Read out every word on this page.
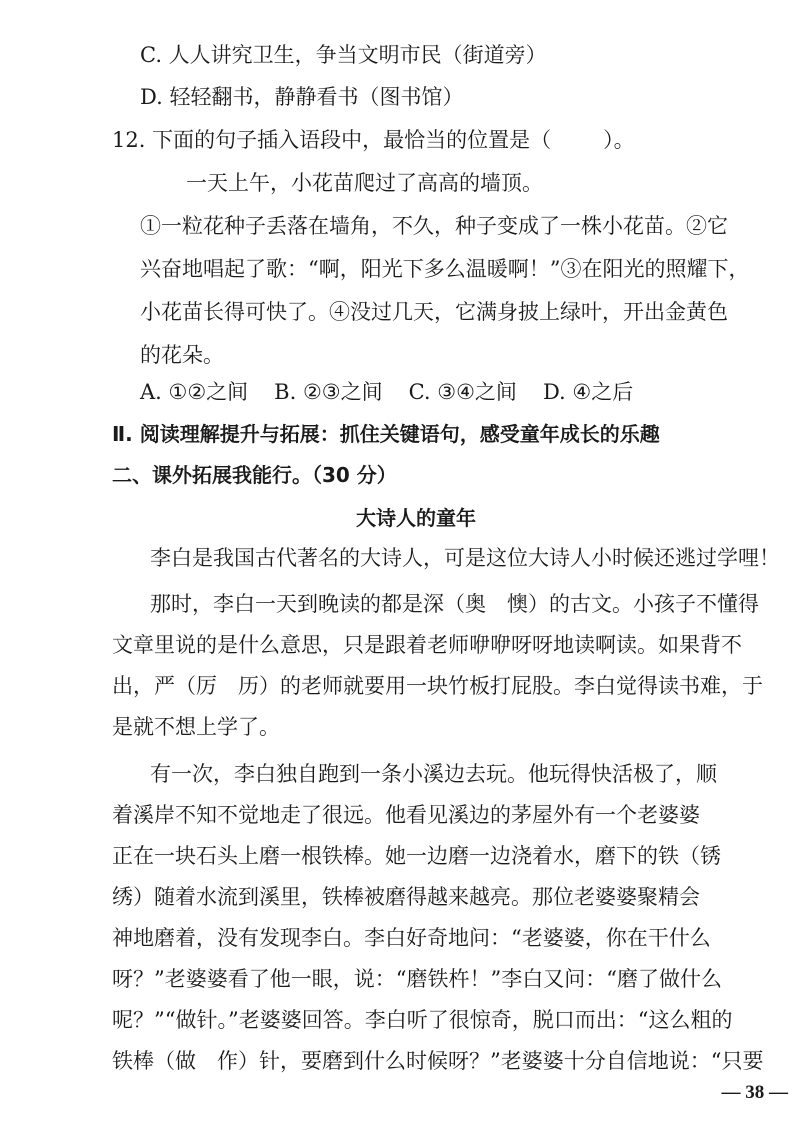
C. 人人讲究卫生，争当文明市民（街道旁）
D. 轻轻翻书，静静看书（图书馆）
12. 下面的句子插入语段中，最恰当的位置是（ ）。
一天上午，小花苗爬过了高高的墙顶。
①一粒花种子丢落在墙角，不久，种子变成了一株小花苗。②它
兴奋地唱起了歌：“啊，阳光下多么温暖啊！”③在阳光的照耀下，
小花苗长得可快了。④没过几天，它满身披上绿叶，开出金黄色
的花朵。
A. ①②之间 B. ②③之间 C. ③④之间 D. ④之后
Ⅱ. 阅读理解提升与拓展：抓住关键语句，感受童年成长的乐趣
二、课外拓展我能行。（30 分）
大诗人的童年
李白是我国古代著名的大诗人，可是这位大诗人小时候还逃过学哩！
那时，李白一天到晚读的都是深（奥　懊）的古文。小孩子不懂得
文章里说的是什么意思，只是跟着老师咿咿呀呀地读啊读。如果背不
出，严（厉　历）的老师就要用一块竹板打屁股。李白觉得读书难，于
是就不想上学了。
有一次，李白独自跑到一条小溪边去玩。他玩得快活极了，顺
着溪岸不知不觉地走了很远。他看见溪边的茅屋外有一个老婆婆
正在一块石头上磨一根铁棒。她一边磨一边浇着水，磨下的铁（锈
绣）随着水流到溪里，铁棒被磨得越来越亮。那位老婆婆聚精会
神地磨着，没有发现李白。李白好奇地问：“老婆婆，你在干什么
呀？”老婆婆看了他一眼，说：“磨铁杵！”李白又问：“磨了做什么
呢？”“做针。”老婆婆回答。李白听了很惊奇，脱口而出：“这么粗的
铁棒（做　作）针，要磨到什么时候呀？”老婆婆十分自信地说：“只要
— 38 —
